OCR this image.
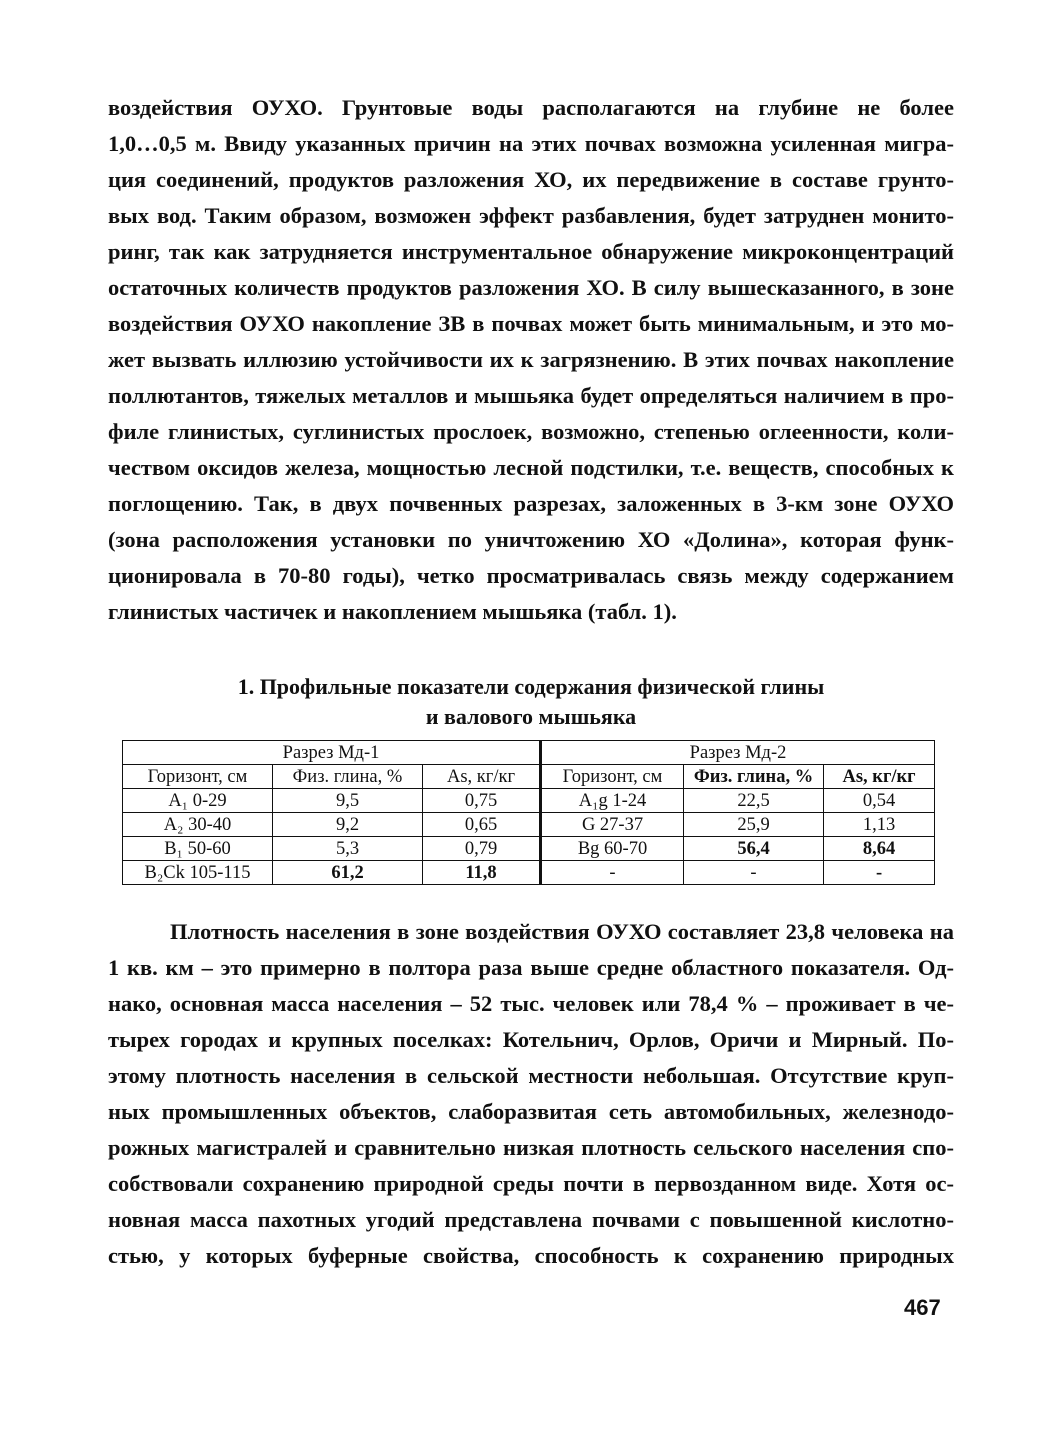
воздействия ОУХО. Грунтовые воды располагаются на глубине не более
1,0…0,5 м. Ввиду указанных причин на этих почвах возможна усиленная мигра-
ция соединений, продуктов разложения ХО, их передвижение в составе грунто-
вых вод. Таким образом, возможен эффект разбавления, будет затруднен монито-
ринг, так как затрудняется инструментальное обнаружение микроконцентраций
остаточных количеств продуктов разложения ХО. В силу вышесказанного, в зоне
воздействия ОУХО накопление ЗВ в почвах может быть минимальным, и это мо-
жет вызвать иллюзию устойчивости их к загрязнению. В этих почвах накопление
поллютантов, тяжелых металлов и мышьяка будет определяться наличием в про-
филе глинистых, суглинистых прослоек, возможно, степенью оглеенности, коли-
чеством оксидов железа, мощностью лесной подстилки, т.е. веществ, способных к
поглощению. Так, в двух почвенных разрезах, заложенных в 3-км зоне ОУХО
(зона расположения установки по уничтожению ХО «Долина», которая функ-
ционировала в 70-80 годы), четко просматривалась связь между содержанием
глинистых частичек и накоплением мышьяка (табл. 1).
1. Профильные показатели содержания физической глины
и валового мышьяка
Разрез Мд-1			Разрез Мд-2		
Горизонт, см	Физ. глина, %	As, кг/кг	Горизонт, см	Физ. глина, %	As, кг/кг
A₁ 0-29	9,5	0,75	A₁g 1-24	22,5	0,54
A₂ 30-40	9,2	0,65	G 27-37	25,9	1,13
B₁ 50-60	5,3	0,79	Bg 60-70	56,4	8,64
B₂Ck 105-115	61,2	11,8	-	-	-
Плотность населения в зоне воздействия ОУХО составляет 23,8 человека на
1 кв. км – это примерно в полтора раза выше средне областного показателя. Од-
нако, основная масса населения – 52 тыс. человек или 78,4 % – проживает в че-
тырех городах и крупных поселках: Котельнич, Орлов, Оричи и Мирный. По-
этому плотность населения в сельской местности небольшая. Отсутствие круп-
ных промышленных объектов, слаборазвитая сеть автомобильных, железнодо-
рожных магистралей и сравнительно низкая плотность сельского населения спо-
собствовали сохранению природной среды почти в первозданном виде. Хотя ос-
новная масса пахотных угодий представлена почвами с повышенной кислотно-
стью, у которых буферные свойства, способность к сохранению природных
467
